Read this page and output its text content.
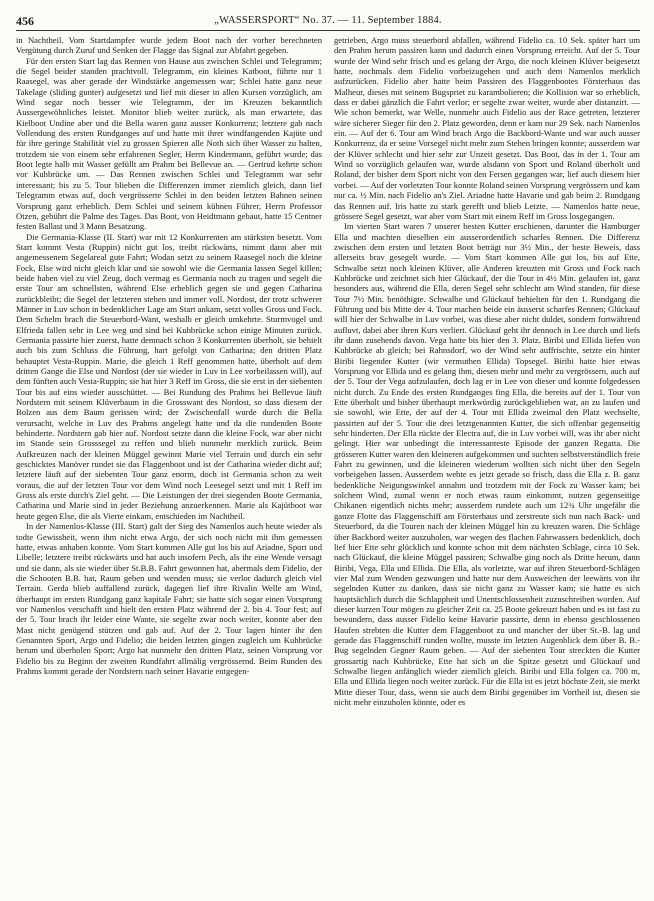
456	„WASSERSPORT“ No. 37. — 11. September 1884.

in Nachtheil. Vom Startdampfer wurde jedem Boot nach der vorher berechneten Vergütung durch Zuruf und Senken der Flagge das Signal zur Abfahrt gegeben.

Für den ersten Start lag das Rennen von Hause aus zwischen Schlei und Telegramm; die Segel beider standen prachtvoll. Telegramm, ein kleines Katboot, führte nur 1 Raasegel, was aber gerade der Windstärke angemessen war; Schlei hatte ganz neue Takelage (sliding gunter) aufgesetzt und lief mit dieser in allen Kursen vorzüglich, am Wind segar noch besser wie Telegramm, der im Kreuzen bekanntlich Aussergewöhnliches leistet. Monitor blieb weiter zurück, als man erwartete, das Kielboot Undine aber und die Bella waren ganz ausser Konkurrenz; letztere gab nach Vollendung des ersten Rundganges auf und hatte mit ihrer windfangenden Kajüte und für ihre geringe Stabilität viel zu grossen Spieren alle Noth sich über Wasser zu halten, trotzdem sie von einem sehr erfahrenen Segler, Herrn Kindermann, geführt wurde; das Boot legte halb mit Wasser gefüllt am Prahm bei Bellevue an. — Gertrud kehrte schon vor Kuhbrücke um. — Das Rennen zwischen Schlei und Telegramm war sehr interessant; bis zu 5. Tour blieben die Differenzen immer ziemlich gleich, dann lief Telegramm etwas auf, doch vergrösserte Schlei in den beiden letzten Bahnen seinen Vorsprung ganz erheblich. Dem Schlei und seinem kühnen Führer, Herrn Professor Otzen, gebührt die Palme des Tages. Das Boot, von Heidtmann gebaut, hatte 15 Centner festen Ballast und 3 Mann Besatzung.

Die Germania-Klasse (II. Start) war mit 12 Konkurrenten am stärksten besetzt. Vom Start kommt Vesta (Ruppin) nicht gut los, treibt rückwärts, nimmt dann aber mit angemessenem Segelareal gute Fahrt; Wodan setzt zu seinem Raasegel noch die kleine Fock, Else wird nicht gleich klar und sie sowohl wie die Germania lassen Segel killen; beide haben viel zu viel Zeug, doch vermag es Germania noch zu tragen und segelt die erste Tour am schnellsten, während Else erheblich gegen sie und gegen Catharina zurückbleibt; die Segel der letzteren stehen und immer voll. Nordost, der trotz schwerer Männer in Luv schon in bedenklicher Lage am Start ankam, setzt volles Gross und Fock. Dem Schelm brach die Steuerbord-Want, weshalb er gleich umkehrte. Sturmvogel und Elfrieda fallen sehr in Lee weg und sind bei Kuhbrücke schon einige Minuten zurück. Germania passirte hier zuerst, hatte demnach schon 3 Konkurrenten überholt, sie behielt auch bis zum Schluss die Führung, hart gefolgt von Catharina; den dritten Platz behauptet Vesta-Ruppin. Marie, die gleich 1 Reff genommen hatte, überholt auf dem dritten Gange die Else und Nordost (der sie wieder in Luv in Lee vorbeilassen will), auf dem fünften auch Vesta-Ruppin; sie hat hier 3 Reff im Gross, die sie erst in der siebenten Tour bis auf eins wieder ausschüttet. — Bei Rundung des Prahms bei Bellevue läuft Nordstern mit seinem Klüverbaum in die Grosswant des Nordost, so dass diesem der Bolzen aus dem Baum gerissen wird; der Zwischenfall wurde durch die Bella verursacht, welche in Luv des Prahms angelegt hatte und da die rundenden Boote behinderte. Nordstern gab hier auf. Nordost setzte dann die kleine Fock, war aber nicht im Stande sein Grosssegel zu reffen und blieb nunmehr merklich zurück. Beim Aufkreuzen nach der kleinen Müggel gewinnt Marie viel Terrain und durch ein sehr geschicktes Manöver rundet sie das Flaggenboot und ist der Catharina wieder dicht auf; letztere läuft auf der siebenten Tour ganz enorm, doch ist Germania schon zu weit voraus, die auf der letzten Tour vor dem Wind noch Leesegel setzt und mit 1 Reff im Gross als erste durch's Ziel geht. — Die Leistungen der drei siegenden Boote Germania, Catharina und Marie sind in jeder Beziehung anzuerkennen. Marie als Kajütboot war heute gegen Else, die als Vierte einkam, entschieden im Nachtheil.

In der Namenlos-Klasse (III. Start) galt der Sieg des Namenlos auch heute wieder als todte Gewissheit, wenn ihm nicht etwa Argo, der sich noch nicht mit ihm gemessen hatte, etwas anhaben konnte. Vom Start kommen Alle gut los bis auf Ariadne, Sport und Libelle; letztere treibt rückwärts und hat auch insofern Pech, als ihr eine Wende versagt und sie dann, als sie wieder über St.B.B. Fahrt gewonnen hat, abermals dem Fidelio, der die Schooten B.B. hat, Raum geben und wenden muss; sie verlor dadurch gleich viel Terrain. Gerda blieb auffallend zurück, dagegen lief ihre Rivalin Welle am Wind, überhaupt im ersten Rundgang ganz kapitale Fahrt; sie hatte sich sogar einen Vorsprung vor Namenlos verschafft und hielt den ersten Platz während der 2. bis 4. Tour fest; auf der 5. Tour brach ihr leider eine Wante, sie segelte zwar noch weiter, konnte aber den Mast nicht genügend stützen und gab auf. Auf der 2. Tour lagen hinter ihr den Genannten Sport, Argo und Fidelio; die beiden letzten gingen zugleich um Kuhbrücke herum und überholen Sport; Argo hat nunmehr den dritten Platz, seinen Vorsprung vor Fidelio bis zu Beginn der zweiten Rundfahrt allmälig vergrössernd. Beim Runden des Prahms kommt gerade der Nordstern nach seiner Havarie entgegen-

getrieben, Argo muss steuerbord abfallen, während Fidelio ca. 10 Sek. später hart um den Prahm herum passiren kann und dadurch einen Vorsprung erreicht. Auf der 5. Tour wurde der Wind sehr frisch und es gelang der Argo, die noch kleinen Klüver beigesetzt hatte, nochmals dem Fidelio vorbeizugehen und auch dem Namenlos merklich aufzurücken. Fidelio aber hatte beim Passiren des Flaggenbootes Försterhaus das Malheur, dieses mit seinem Bugspriet zu karambolieren; die Kollision war so erheblich, dass er dabei gänzlich die Fahrt verlor; er segelte zwar weiter, wurde aber distanzirt. — Wie schon bemerkt, war Welle, nunmehr auch Fidelio aus der Race getreten, letzterer wäre sicherer Sieger für den 2. Platz geworden, denn er kam nur 29 Sek. nach Namenlos ein. — Auf der 6. Tour am Wind brach Argo die Backbord-Wante und war auch ausser Konkurrenz, da er seine Vorsegel nicht mehr zum Stehen bringen konnte; ausserdem war der Klüver schlecht und hier sehr zur Unzeit gesetzt. Das Boot, das in der 1. Tour am Wind so vorzüglich gelaufen war, wurde alsdann von Sport und Roland überholt und Roland, der bisher dem Sport nicht von den Fersen gegangen war, lief auch diesem hier vorbei. — Auf der vorletzten Tour konnte Roland seinen Vorsprung vergrössern und kam nur ca. ½ Min. nach Fidelio an's Ziel. Ariadne hatte Havarie und gab beim 2. Rundgang das Rennen auf. Iris hatte zu stark gerefft und blieb Letzte. — Namenlos hatte neue, grössere Segel gesetzt, war aber vom Start mit einem Reff im Gross losgegangen.

Im vierten Start waren 7 unserer besten Kutter erschienen, darunter die Hamburger Ella und machten dieselben ein ausserordentlich scharfes Rennen. Die Differenz zwischen dem ersten und letzten Boot beträgt nur 3½ Min., der beste Beweis, dass allerseits brav gesegelt wurde. — Vom Start kommen Alle gut los, bis auf Ette, Schwalbe setzt noch kleinen Klüver, alle Anderen kreuzten mit Gross und Fock nach Kuhbrücke und zeichnet sich hier Glückauf, der die Tour in 4½ Min. gelaufen ist, ganz besonders aus, während die Ella, deren Segel sehr schlecht am Wind standen, für diese Tour 7½ Min. benöthigte. Schwalbe und Glückauf behielten für den 1. Rundgang die Führung und bis Mitte der 4. Tour machen beide ein äusserst scharfes Rennen; Glückauf will hier der Schwalbe in Luv vorbei, was diese aber nicht duldet, sondern fortwährend aufluvt, dabei aber ihren Kurs verliert. Glückauf geht ihr dennoch in Lee durch und liefs ihr dann zusehends davon. Vega hatte bis hier den 3. Platz. Biribi und Ellida liefen von Kuhbrücke ab gleich; bei Rahnsdorf, wo der Wind sehr auffrischte, setzte ein hinter Biribi liegender Kutter (wir vermuthen Ellida) Topsegel. Biribi hatte hier etwas Vorsprung vor Ellida und es gelang ihm, diesen mehr und mehr zu vergrössern, auch auf der 5. Tour der Vega aufzulaufen, doch lag er in Lee von dieser und konnte folgedessen nicht durch. Zu Ende des ersten Rundganges fing Ella, die bereits auf der 1. Tour von Ette überholt und bisher überhaupt merkwürdig zurückgeblieben war, an zu laufen und sie sowohl, wie Ette, der auf der 4. Tour mit Ellida zweimal den Platz wechselte, passirten auf der 5. Tour die drei letztgenannten Kutter, die sich offenbar gegenseitig sehr hinderten. Der Ella rückte der Electra auf, die in Luv vorbei will, was ihr aber nicht gelingt. Hier war unbedingt die interessanteste Episode der ganzen Regatta. Die grösseren Kutter waren den kleineren aufgekommen und suchten selbstverständlich freie Fahrt zu gewinnen, und die kleineren wiederum wollten sich nicht über den Segeln vorbeigehen lassen. Ausserdem wehte es jetzt gerade so frisch, dass die Ella z. B. ganz bedenkliche Neigungswinkel annahm und trotzdem mit der Fock zu Wasser kam; bei solchem Wind, zumal wenn er noch etwas raum einkommt, nutzen gegenseitige Chikanen eigentlich nichts mehr; ausserdem rundete auch um 12¾ Uhr ungefähr die ganze Flotte das Flaggenschiff am Försterhaus und zerstreute sich nun nach Back- und Steuerbord, da die Touren nach der kleinen Müggel hin zu kreuzen waren. Die Schläge über Backbord weiter auszuholen, war wegen des flachen Fahrwassers bedenklich, doch lief hier Ette sehr glücklich und konnte schon mit dem nächsten Schlage, circa 10 Sek. nach Glückauf, die kleine Müggel passiren; Schwalbe ging noch als Dritte herum, dann Biribi, Vega, Ella und Ellida. Die Ella, als vorletzte, war auf ihren Steuerbord-Schlägen vier Mal zum Wenden gezwungen und hatte nur dem Ausweichen der leewärts von ihr segelnden Kutter zu danken, dass sie nicht ganz zu Wasser kam; sie hatte es sich hauptsächlich durch die Schlappheit und Unentschlossenheit zuzuschreiben worden. Auf dieser kurzen Tour mögen zu gleicher Zeit ca. 25 Boote gekreuzt haben und es ist fast zu bewundern, dass ausser Fidelio keine Havarie passirte, denn in ebenso geschlossenen Haufen strebten die Kutter dem Flaggenboot zu und mancher der über St.-B. lag und gerade das Flaggenschiff runden wollte, musste im letzten Augenblick dem über B. B.-Bug segelnden Gegner Raum geben. — Auf der siebenten Tour streckten die Kutter grossartig nach Kuhbrücke, Ette hat sich an die Spitze gesetzt und Glückauf und Schwalbe liegen anfänglich wieder ziemlich gleich. Biribi und Ella folgen ca. 700 m, Ella und Ellida liegen noch weiter zurück. Für die Ella ist es jetzt höchste Zeit, sie merkt Mitte dieser Tour, dass, wenn sie auch dem Biribi gegenüber im Vortheil ist, diesen sie nicht mehr einzuholen könnte, oder es
